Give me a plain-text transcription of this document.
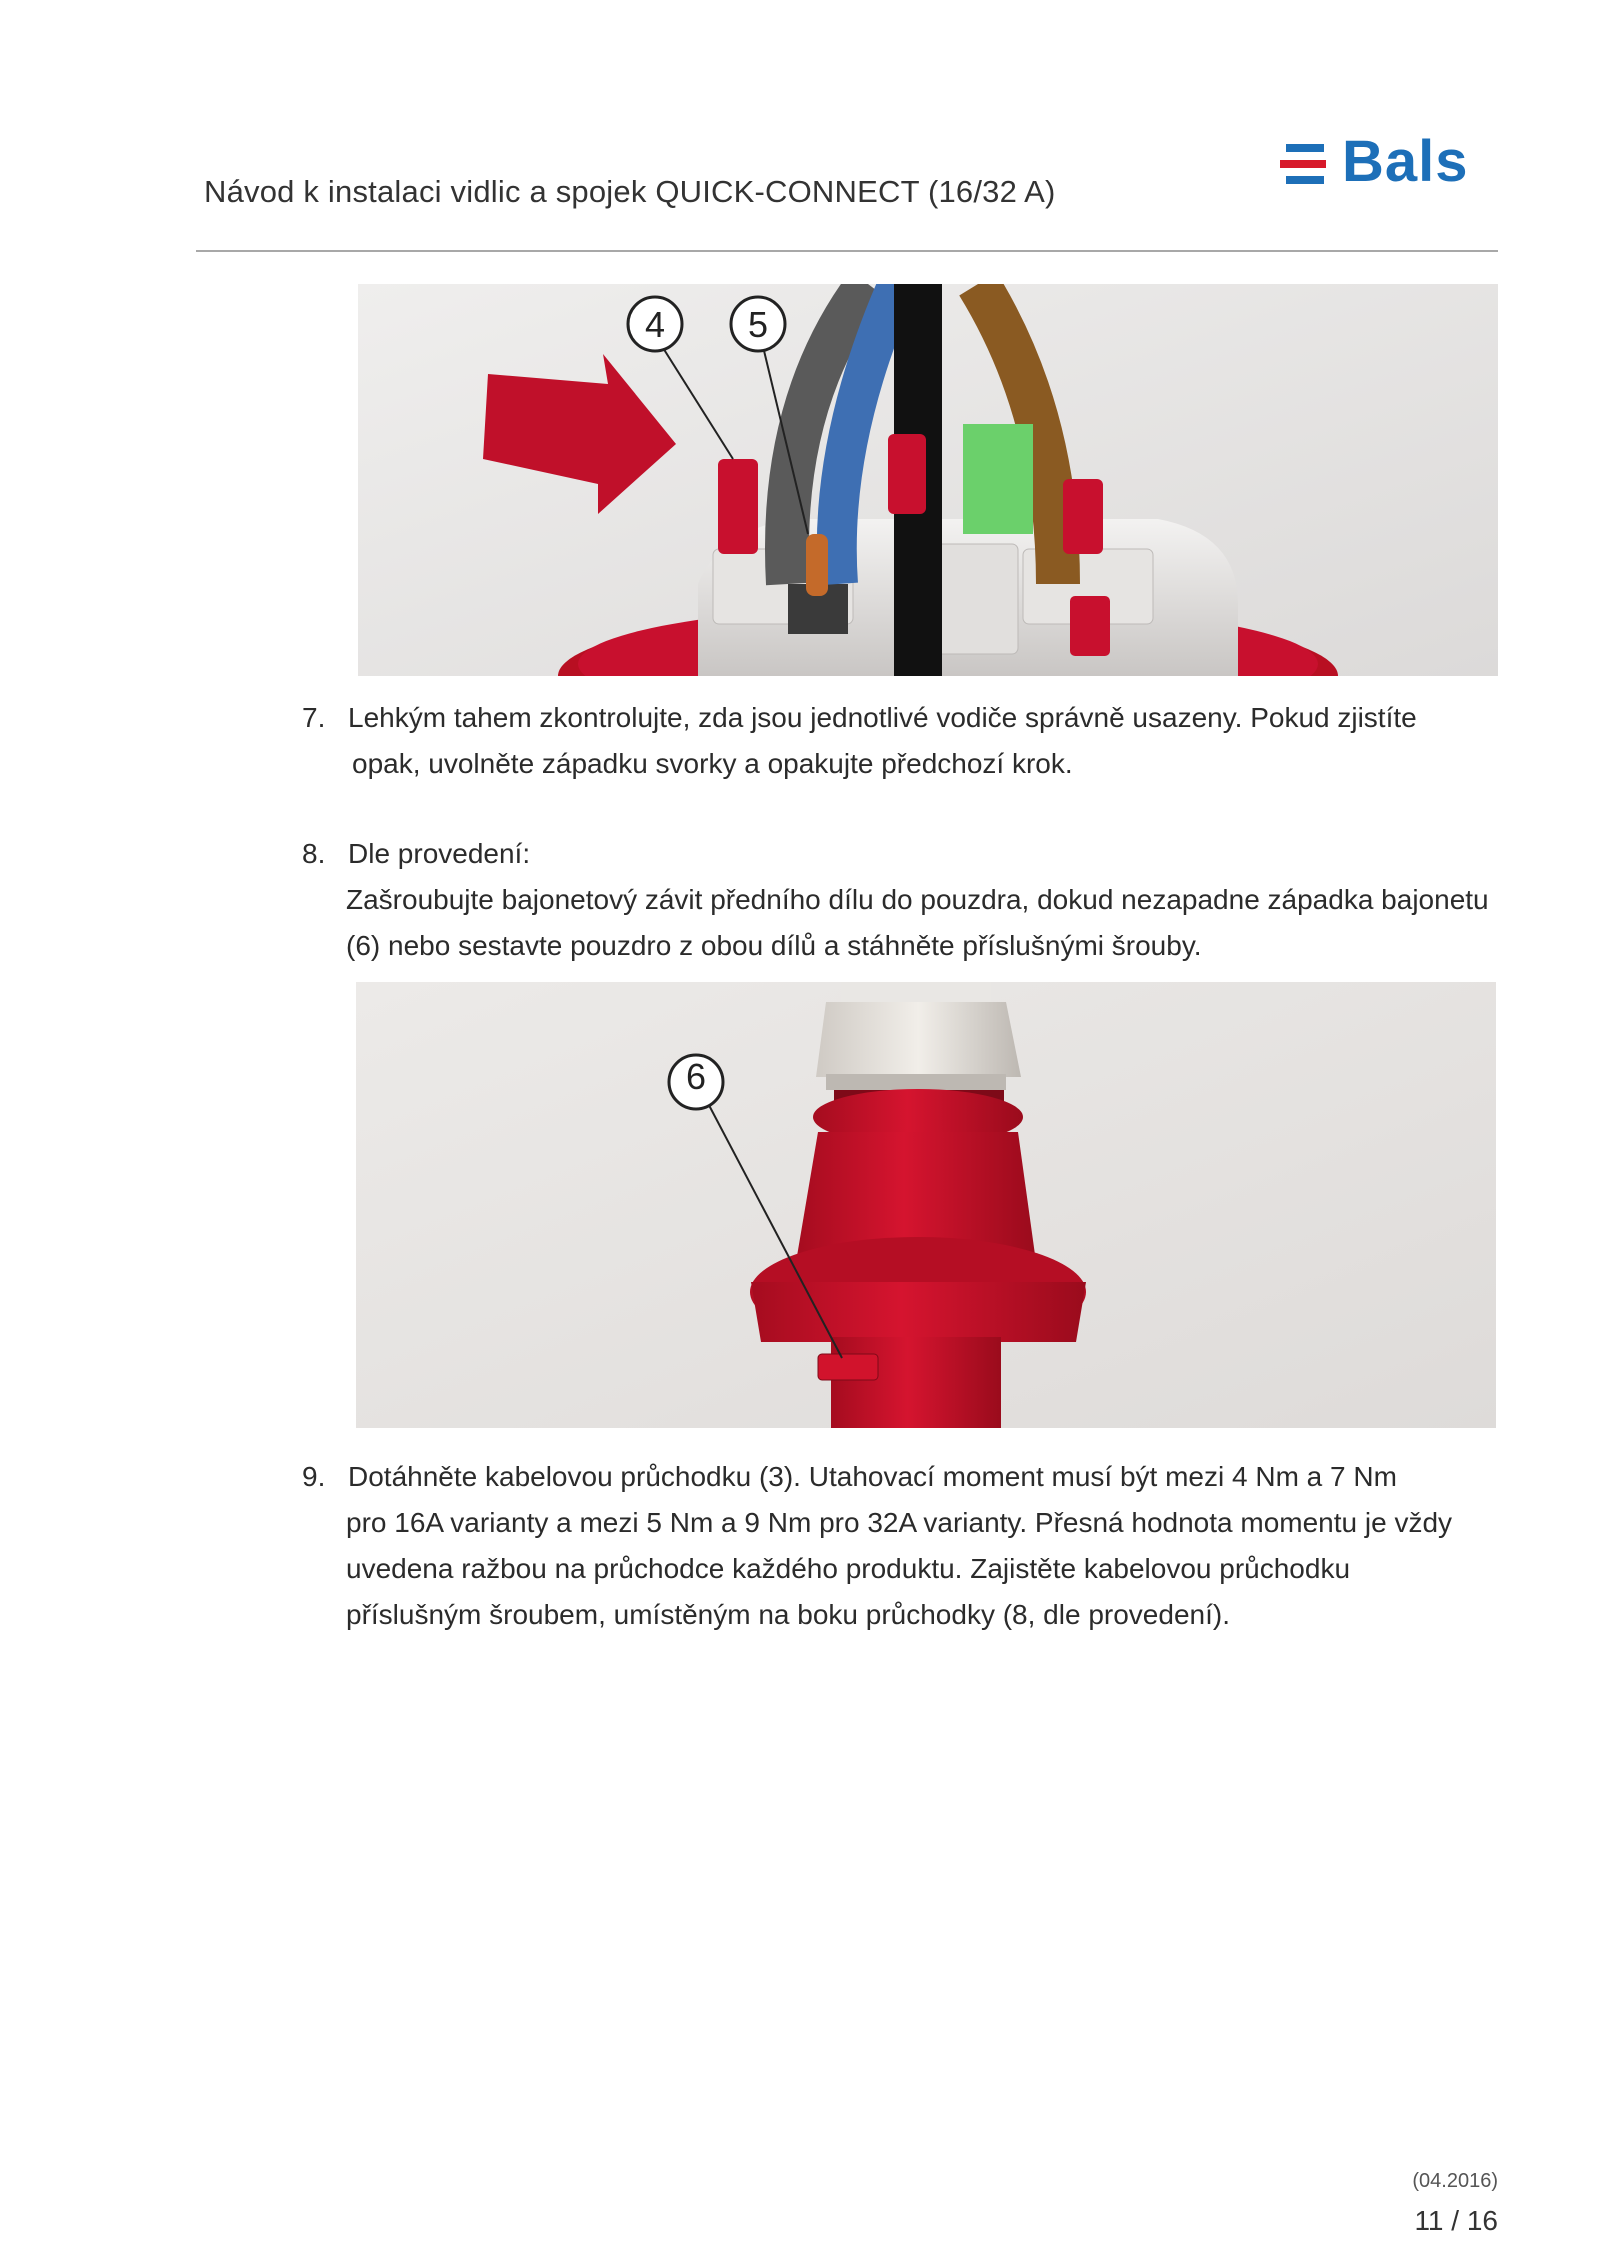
Návod k instalaci vidlic a spojek QUICK-CONNECT (16/32 A)	Bals
4 5
7. Lehkým tahem zkontrolujte, zda jsou jednotlivé vodiče správně usazeny. Pokud zjistíte
opak, uvolněte západku svorky a opakujte předchozí krok.
8. Dle provedení:
Zašroubujte bajonetový závit předního dílu do pouzdra, dokud nezapadne západka bajonetu
(6) nebo sestavte pouzdro z obou dílů a stáhněte příslušnými šrouby.
6
9. Dotáhněte kabelovou průchodku (3). Utahovací moment musí být mezi 4 Nm a 7 Nm
pro 16A varianty a mezi 5 Nm a 9 Nm pro 32A varianty. Přesná hodnota momentu je vždy
uvedena ražbou na průchodce každého produktu. Zajistěte kabelovou průchodku
příslušným šroubem, umístěným na boku průchodky (8, dle provedení).
(04.2016)
11 / 16
